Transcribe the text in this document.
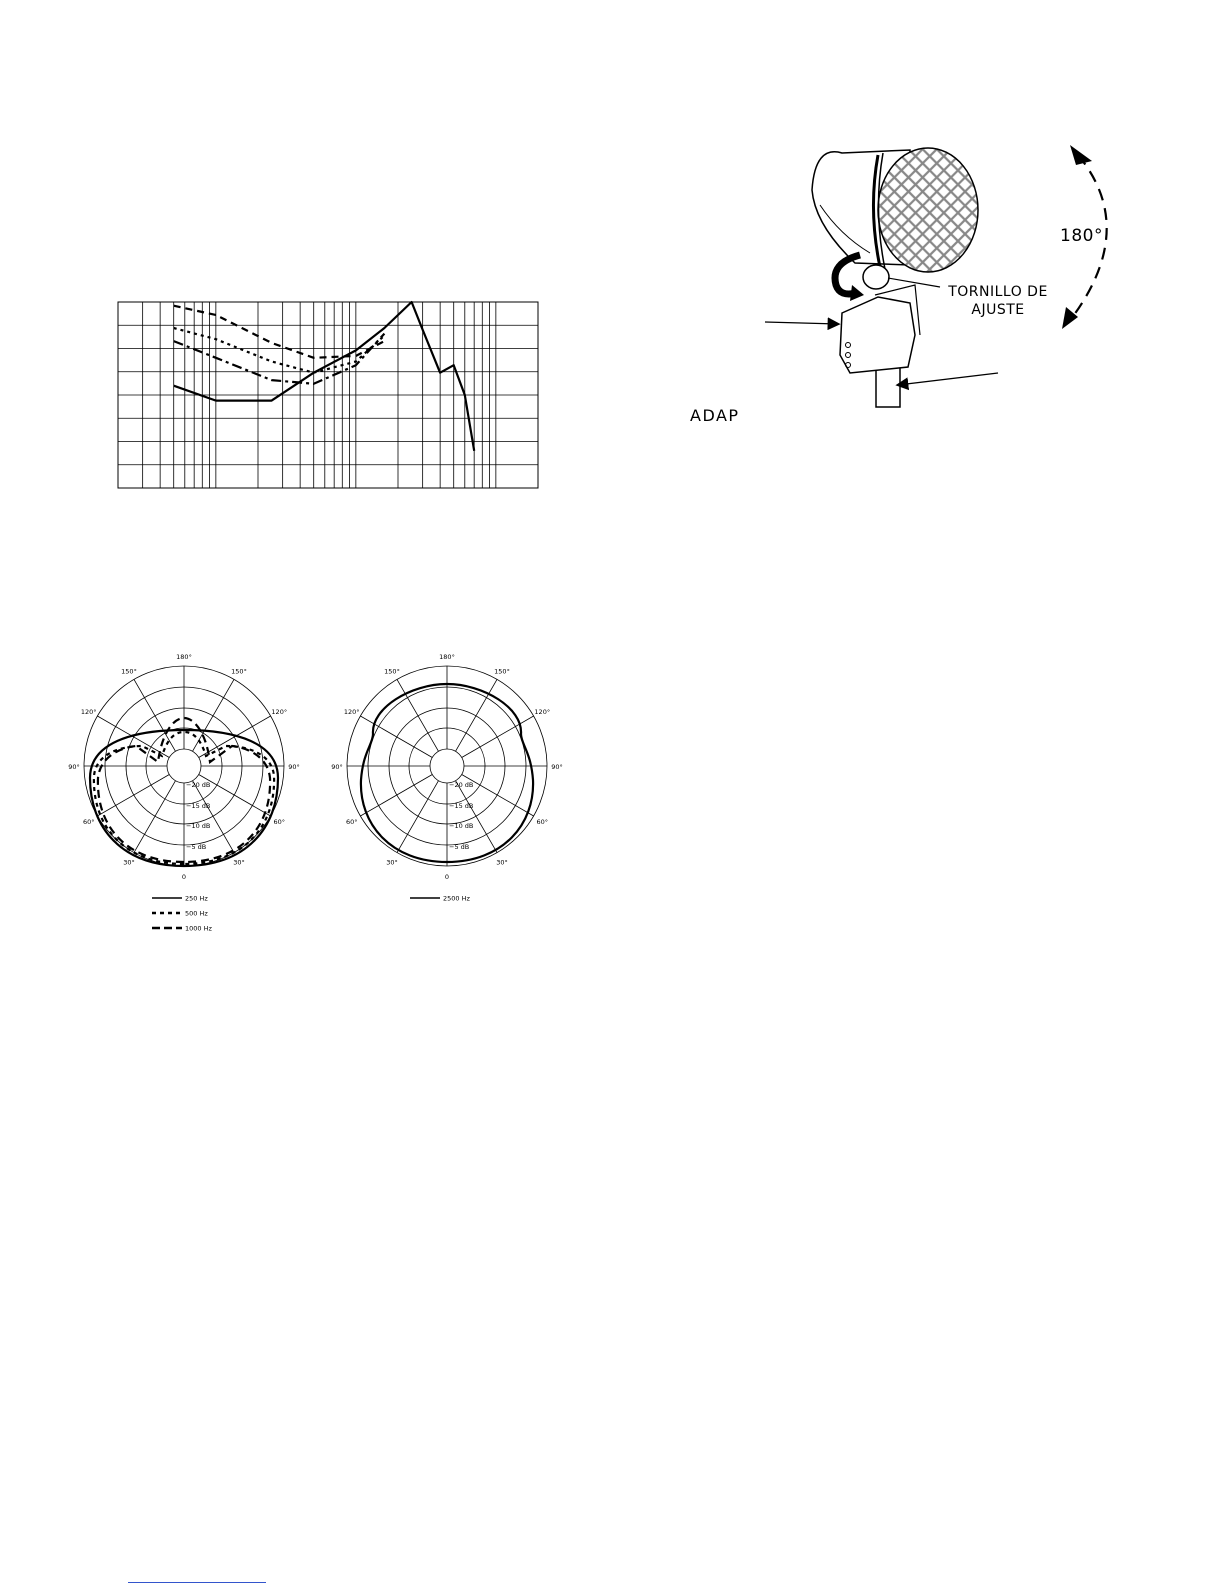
0
30°
60°
90°
120°
150°
180°
150°
120°
90°
60°
30°
−20 dB
−15 dB
−10 dB
−5 dB
250 Hz
500 Hz
1000 Hz
0
30°
60°
90°
120°
150°
180°
150°
120°
90°
60°
30°
−20 dB
−15 dB
−10 dB
−5 dB
2500 Hz
180°
TORNILLO DE
AJUSTE
ADAP
